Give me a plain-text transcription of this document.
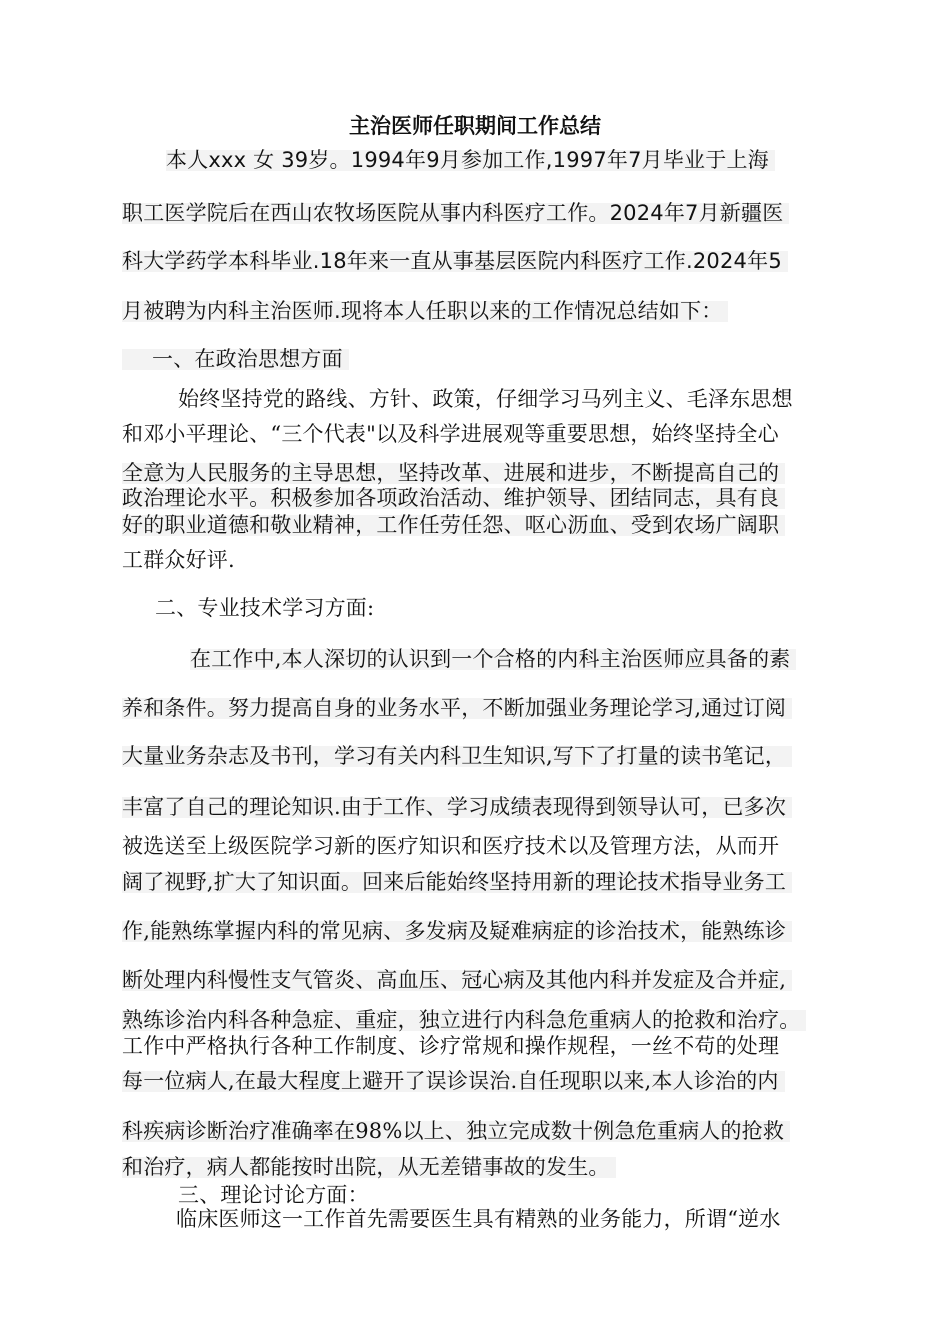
主治医师任职期间工作总结
本人xxx 女 39岁。1994年9月参加工作,1997年7月毕业于上海
职工医学院后在西山农牧场医院从事内科医疗工作。2024年7月新疆医
科大学药学本科毕业.18年来一直从事基层医院内科医疗工作.2024年5
月被聘为内科主治医师.现将本人任职以来的工作情况总结如下：
一、在政治思想方面
始终坚持党的路线、方针、政策，仔细学习马列主义、毛泽东思想
和邓小平理论、“三个代表"以及科学进展观等重要思想，始终坚持全心
全意为人民服务的主导思想，坚持改革、进展和进步，不断提高自己的
政治理论水平。积极参加各项政治活动、维护领导、团结同志，具有良
好的职业道德和敬业精神，工作任劳任怨、呕心沥血、受到农场广阔职
工群众好评.
二、专业技术学习方面:
在工作中,本人深切的认识到一个合格的内科主治医师应具备的素
养和条件。努力提高自身的业务水平，不断加强业务理论学习,通过订阅
大量业务杂志及书刊，学习有关内科卫生知识,写下了打量的读书笔记，
丰富了自己的理论知识.由于工作、学习成绩表现得到领导认可，已多次
被选送至上级医院学习新的医疗知识和医疗技术以及管理方法，从而开
阔了视野,扩大了知识面。回来后能始终坚持用新的理论技术指导业务工
作,能熟练掌握内科的常见病、多发病及疑难病症的诊治技术，能熟练诊
断处理内科慢性支气管炎、高血压、冠心病及其他内科并发症及合并症,
熟练诊治内科各种急症、重症，独立进行内科急危重病人的抢救和治疗。
工作中严格执行各种工作制度、诊疗常规和操作规程，一丝不苟的处理
每一位病人,在最大程度上避开了误诊误治.自任现职以来,本人诊治的内
科疾病诊断治疗准确率在98%以上、独立完成数十例急危重病人的抢救
和治疗，病人都能按时出院，从无差错事故的发生。
三、理论讨论方面：
临床医师这一工作首先需要医生具有精熟的业务能力，所谓“逆水
